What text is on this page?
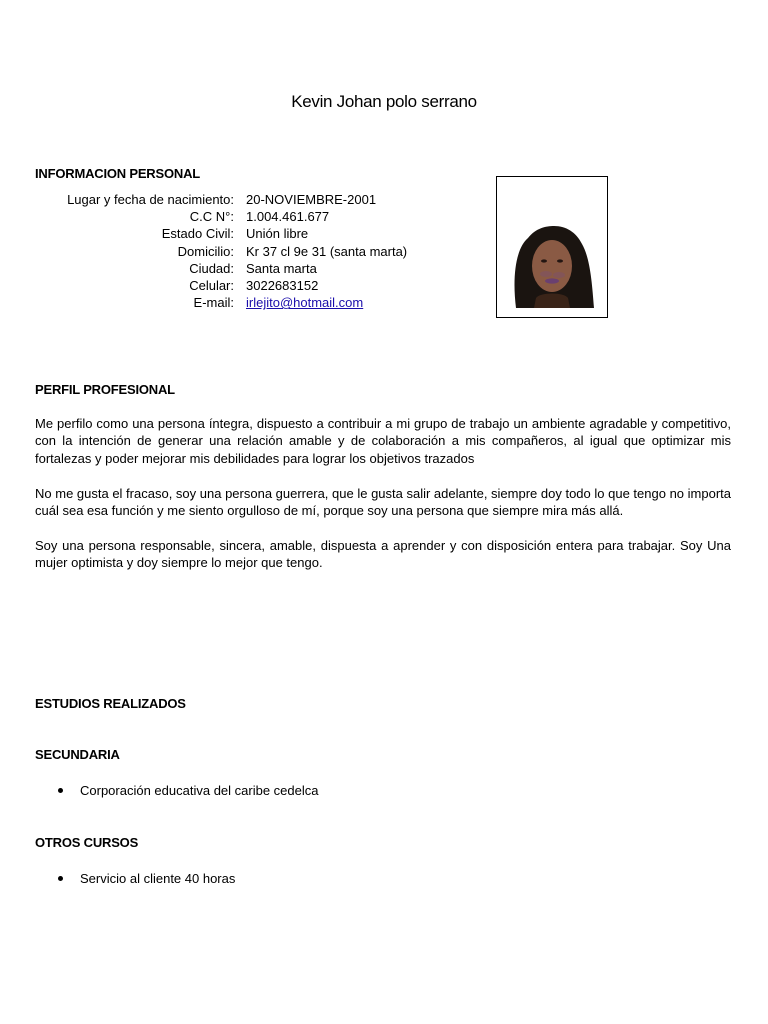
Kevin Johan polo serrano
INFORMACION PERSONAL
Lugar y fecha de nacimiento:		20-NOVIEMBRE-2001
C.C N°:		1.004.461.677
Estado Civil:		Unión libre
Domicilio:		Kr 37 cl 9e 31 (santa marta)
Ciudad:		Santa marta
Celular:		3022683152
E-mail:		irlejito@hotmail.com
PERFIL PROFESIONAL

Me perfilo como una persona íntegra, dispuesto a contribuir a mi grupo de trabajo un ambiente agradable y competitivo, con la intención de generar una relación amable y de colaboración a mis compañeros, al igual que optimizar mis fortalezas y poder mejorar mis debilidades para lograr los objetivos trazados

No me gusta el fracaso, soy una persona guerrera, que le gusta salir adelante, siempre doy todo lo que tengo no importa cuál sea esa función y me siento orgulloso de mí, porque soy una persona que siempre mira más allá.

Soy una persona responsable, sincera, amable, dispuesta a aprender y con disposición entera para trabajar. Soy Una mujer optimista y doy siempre lo mejor que tengo.

ESTUDIOS REALIZADOS
SECUNDARIA
Corporación educativa del caribe cedelca
OTROS CURSOS
Servicio al cliente 40 horas
